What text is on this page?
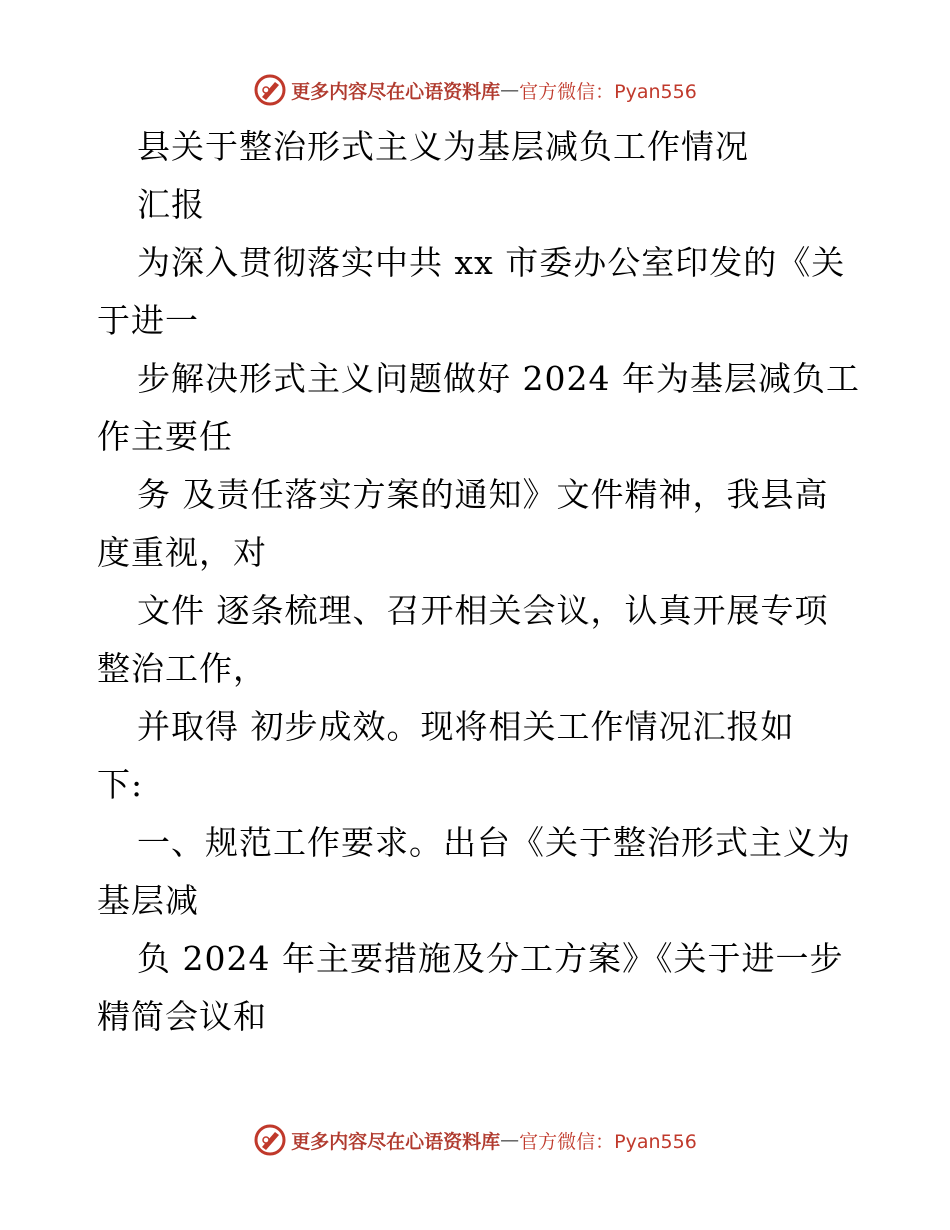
更多内容尽在心语资料库 — 官方微信：Pyan556
县关于整治形式主义为基层减负工作情况
汇报
为深入贯彻落实中共 xx 市委办公室印发的《关
于进一
步解决形式主义问题做好 2024 年为基层减负工
作主要任
务 及责任落实方案的通知》文件精神，我县高
度重视，对
文件 逐条梳理、召开相关会议，认真开展专项
整治工作，
并取得 初步成效。现将相关工作情况汇报如
下:
一、规范工作要求。出台《关于整治形式主义为
基层减
负 2024 年主要措施及分工方案》《关于进一步
精简会议和
更多内容尽在心语资料库 — 官方微信：Pyan556
